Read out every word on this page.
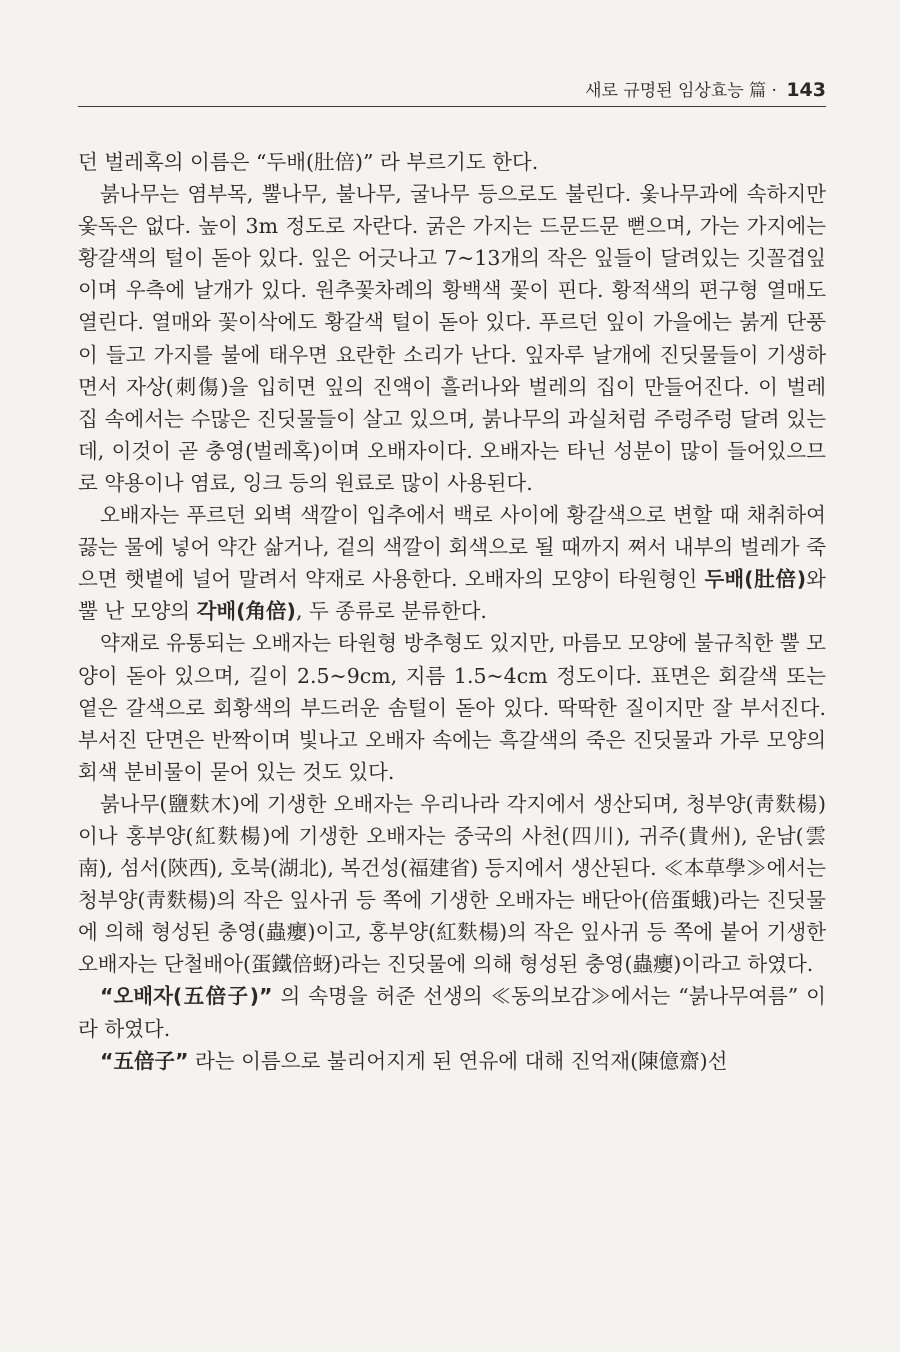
새로 규명된 임상효능 篇 · 143

던 벌레혹의 이름은 “두배(肚倍)” 라 부르기도 한다.

붉나무는 염부목, 뿔나무, 불나무, 굴나무 등으로도 불린다. 옻나무과에 속하지만 옻독은 없다. 높이 3m 정도로 자란다. 굵은 가지는 드문드문 뻗으며, 가는 가지에는 황갈색의 털이 돋아 있다. 잎은 어긋나고 7~13개의 작은 잎들이 달려있는 깃꼴겹잎이며 우측에 날개가 있다. 원추꽃차례의 황백색 꽃이 핀다. 황적색의 편구형 열매도 열린다. 열매와 꽃이삭에도 황갈색 털이 돋아 있다. 푸르던 잎이 가을에는 붉게 단풍이 들고 가지를 불에 태우면 요란한 소리가 난다. 잎자루 날개에 진딧물들이 기생하면서 자상(刺傷)을 입히면 잎의 진액이 흘러나와 벌레의 집이 만들어진다. 이 벌레 집 속에서는 수많은 진딧물들이 살고 있으며, 붉나무의 과실처럼 주렁주렁 달려 있는데, 이것이 곧 충영(벌레혹)이며 오배자이다. 오배자는 타닌 성분이 많이 들어있으므로 약용이나 염료, 잉크 등의 원료로 많이 사용된다.

오배자는 푸르던 외벽 색깔이 입추에서 백로 사이에 황갈색으로 변할 때 채취하여 끓는 물에 넣어 약간 삶거나, 겉의 색깔이 회색으로 될 때까지 쪄서 내부의 벌레가 죽으면 햇볕에 널어 말려서 약재로 사용한다. 오배자의 모양이 타원형인 두배(肚倍)와 뿔 난 모양의 각배(角倍), 두 종류로 분류한다.

약재로 유통되는 오배자는 타원형 방추형도 있지만, 마름모 모양에 불규칙한 뿔 모양이 돋아 있으며, 길이 2.5~9cm, 지름 1.5~4cm 정도이다. 표면은 회갈색 또는 옅은 갈색으로 회황색의 부드러운 솜털이 돋아 있다. 딱딱한 질이지만 잘 부서진다. 부서진 단면은 반짝이며 빛나고 오배자 속에는 흑갈색의 죽은 진딧물과 가루 모양의 회색 분비물이 묻어 있는 것도 있다.

붉나무(鹽麩木)에 기생한 오배자는 우리나라 각지에서 생산되며, 청부양(靑麩楊)이나 홍부양(紅麩楊)에 기생한 오배자는 중국의 사천(四川), 귀주(貴州), 운남(雲南), 섬서(陝西), 호북(湖北), 복건성(福建省) 등지에서 생산된다. ≪本草學≫에서는 청부양(靑麩楊)의 작은 잎사귀 등 쪽에 기생한 오배자는 배단아(倍蛋蛾)라는 진딧물에 의해 형성된 충영(蟲癭)이고, 홍부양(紅麩楊)의 작은 잎사귀 등 쪽에 붙어 기생한 오배자는 단철배아(蛋鐵倍蚜)라는 진딧물에 의해 형성된 충영(蟲癭)이라고 하였다.

“오배자(五倍子)” 의 속명을 허준 선생의 ≪동의보감≫에서는 “붉나무여름” 이라 하였다.

“五倍子” 라는 이름으로 불리어지게 된 연유에 대해 진억재(陳億齋)선
